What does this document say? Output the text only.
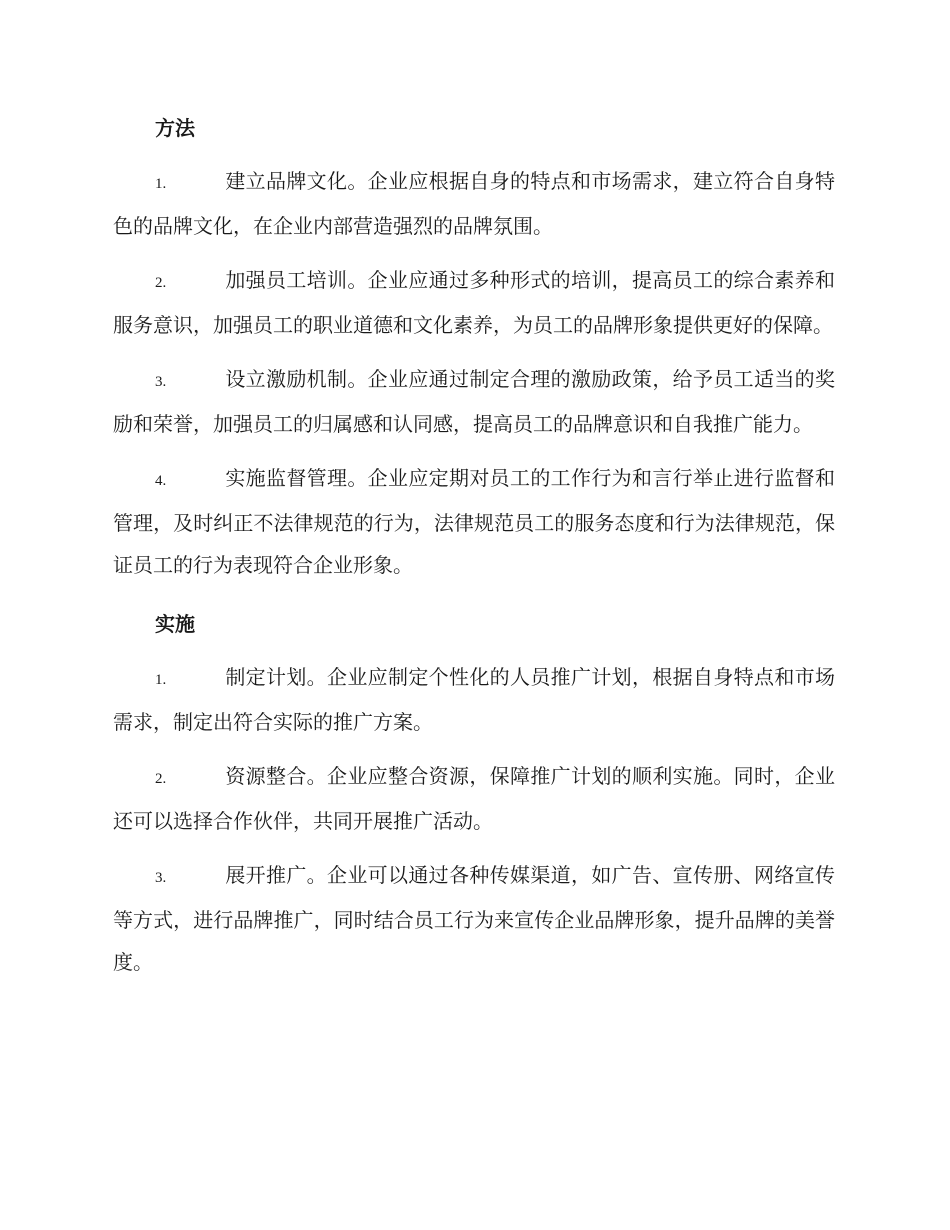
方法

1.	建立品牌文化。企业应根据自身的特点和市场需求，建立符合自身特色的品牌文化，在企业内部营造强烈的品牌氛围。

2.	加强员工培训。企业应通过多种形式的培训，提高员工的综合素养和服务意识，加强员工的职业道德和文化素养，为员工的品牌形象提供更好的保障。

3.	设立激励机制。企业应通过制定合理的激励政策，给予员工适当的奖励和荣誉，加强员工的归属感和认同感，提高员工的品牌意识和自我推广能力。

4.	实施监督管理。企业应定期对员工的工作行为和言行举止进行监督和管理，及时纠正不法律规范的行为，法律规范员工的服务态度和行为法律规范，保证员工的行为表现符合企业形象。

实施

1.	制定计划。企业应制定个性化的人员推广计划，根据自身特点和市场需求，制定出符合实际的推广方案。

2.	资源整合。企业应整合资源，保障推广计划的顺利实施。同时，企业还可以选择合作伙伴，共同开展推广活动。

3.	展开推广。企业可以通过各种传媒渠道，如广告、宣传册、网络宣传等方式，进行品牌推广，同时结合员工行为来宣传企业品牌形象，提升品牌的美誉度。
